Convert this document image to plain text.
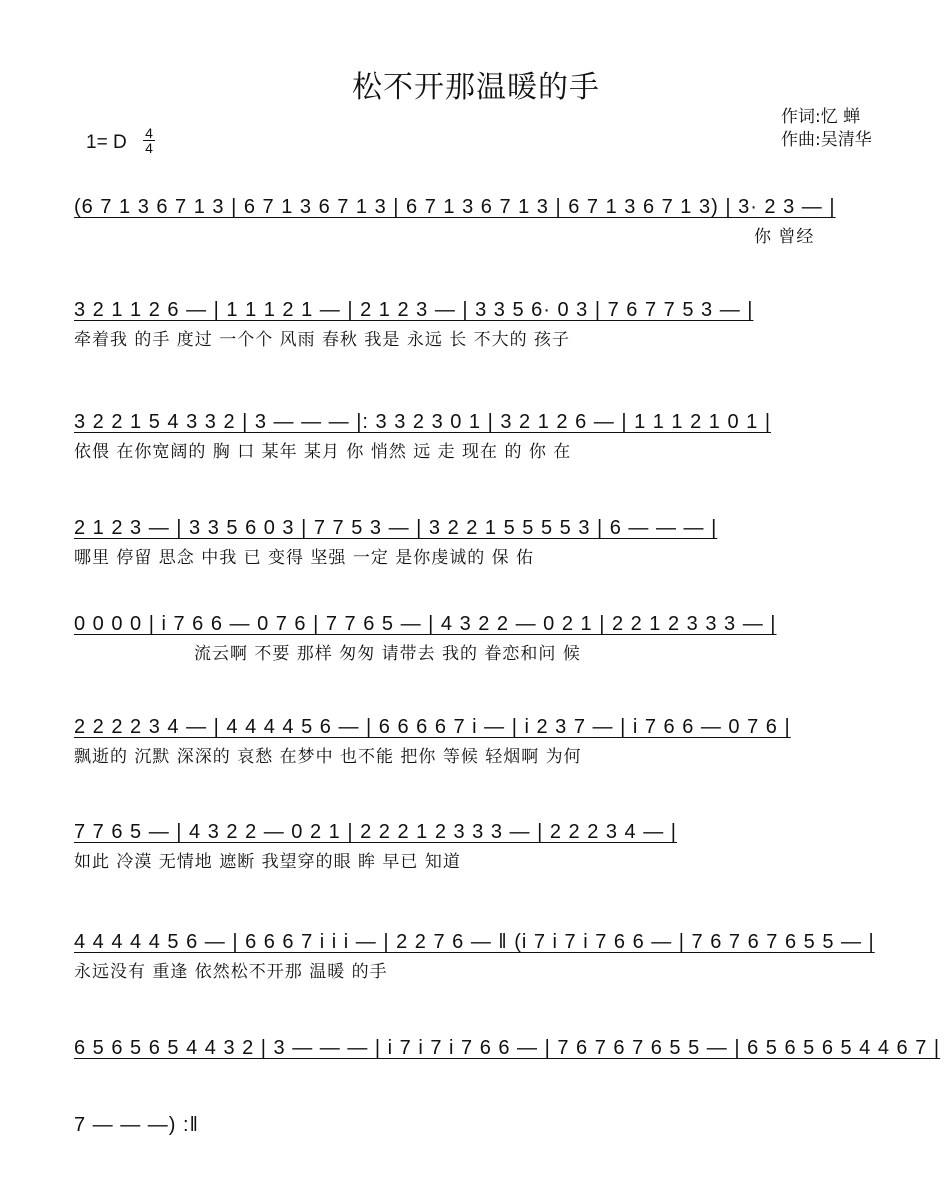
松不开那温暖的手
作词:忆 蝉
作曲:吴清华
1= D 4
4
(6 7 1 3 6 7 1 3 | 6 7 1 3 6 7 1 3 | 6 7 1 3 6 7 1 3 | 6 7 1 3 6 7 1 3) | 3· 2 3 — |
你 曾经
3 2 1 1 2 6 — | 1 1 1 2 1 — | 2 1 2 3 — | 3 3 5 6· 0 3 | 7 6 7 7 5 3 — |
牵着我 的手 度过 一个个 风雨 春秋 我是 永远 长 不大的 孩子
3 2 2 1 5 4 3 3 2 | 3 — — — |: 3 3 2 3 0 1 | 3 2 1 2 6 — | 1 1 1 2 1 0 1 |
依偎 在你宽阔的 胸 口 某年 某月 你 悄然 远 走 现在 的 你 在
2 1 2 3 — | 3 3 5 6 0 3 | 7 7 5 3 — | 3 2 2 1 5 5 5 5 3 | 6 — — — |
哪里 停留 思念 中我 已 变得 坚强 一定 是你虔诚的 保 佑
0 0 0 0 | i 7 6 6 — 0 7 6 | 7 7 6 5 — | 4 3 2 2 — 0 2 1 | 2 2 1 2 3 3 3 — |
流云啊 不要 那样 匆匆 请带去 我的 眷恋和问 候
2 2 2 2 3 4 — | 4 4 4 4 5 6 — | 6 6 6 6 7 i — | i 2 3 7 — | i 7 6 6 — 0 7 6 |
飘逝的 沉默 深深的 哀愁 在梦中 也不能 把你 等候 轻烟啊 为何
7 7 6 5 — | 4 3 2 2 — 0 2 1 | 2 2 2 1 2 3 3 3 — | 2 2 2 3 4 — |
如此 冷漠 无情地 遮断 我望穿的眼 眸 早已 知道
4 4 4 4 4 5 6 — | 6 6 6 7 i i i — | 2 2 7 6 — ‖ (i 7 i 7 i 7 6 6 — | 7 6 7 6 7 6 5 5 — |
永远没有 重逢 依然松不开那 温暖 的手
6 5 6 5 6 5 4 4 3 2 | 3 — — — | i 7 i 7 i 7 6 6 — | 7 6 7 6 7 6 5 5 — | 6 5 6 5 6 5 4 4 6 7 |
7 — — —) :‖
